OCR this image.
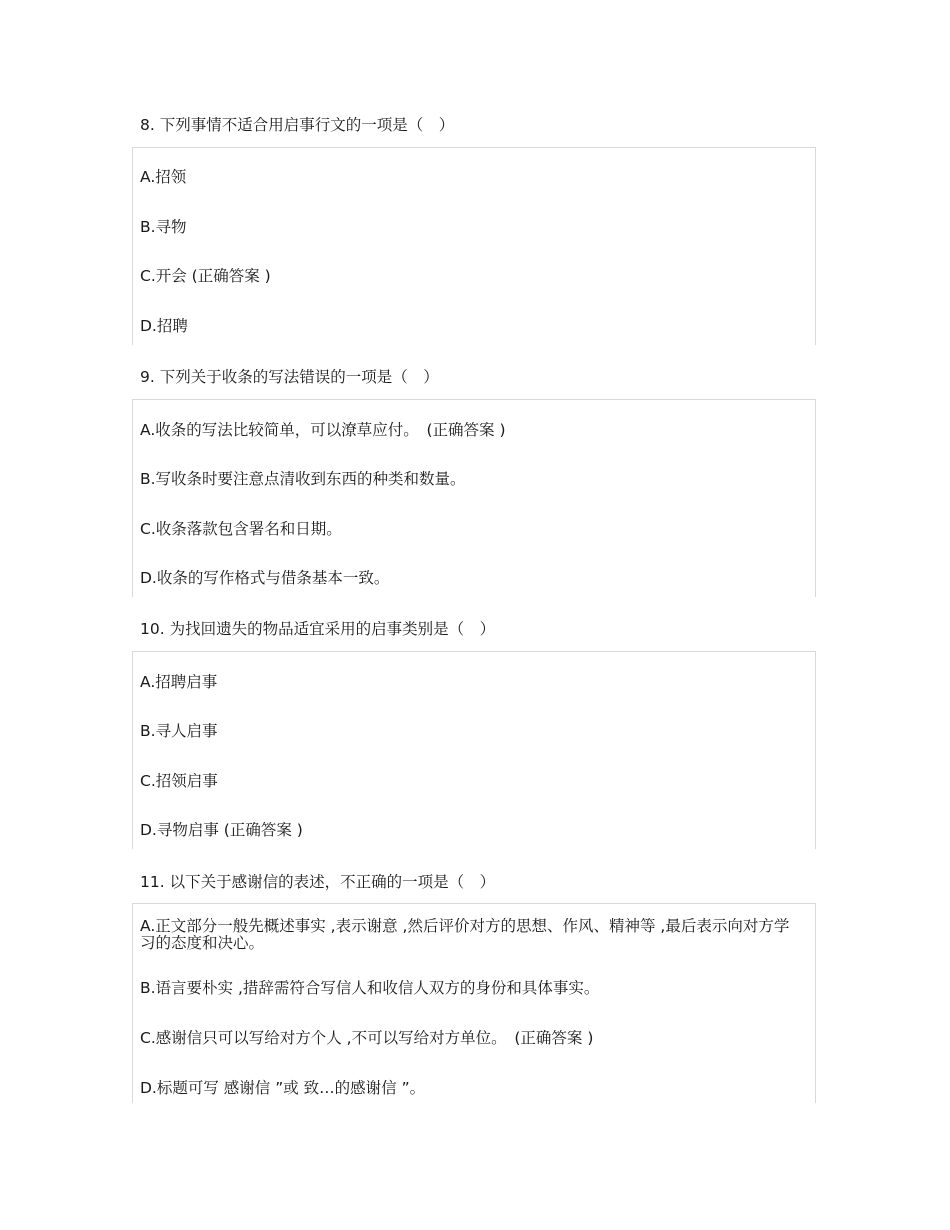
8. 下列事情不适合用启事行文的一项是（　）
A.招领
B.寻物
C.开会 (正确答案 )
D.招聘
9. 下列关于收条的写法错误的一项是（　）
A.收条的写法比较简单，可以潦草应付。　(正确答案 )
B.写收条时要注意点清收到东西的种类和数量。
C.收条落款包含署名和日期。
D.收条的写作格式与借条基本一致。
10. 为找回遗失的物品适宜采用的启事类别是（　）
A.招聘启事
B.寻人启事
C.招领启事
D.寻物启事 (正确答案 )
11. 以下关于感谢信的表述，不正确的一项是（　）
A.正文部分一般先概述事实 ,表示谢意 ,然后评价对方的思想、作风、精神等 ,最后表示向对方学习的态度和决心。
B.语言要朴实 ,措辞需符合写信人和收信人双方的身份和具体事实。
C.感谢信只可以写给对方个人 ,不可以写给对方单位。　(正确答案 )
D.标题可写 感谢信 ”或 致…的感谢信 ”。
